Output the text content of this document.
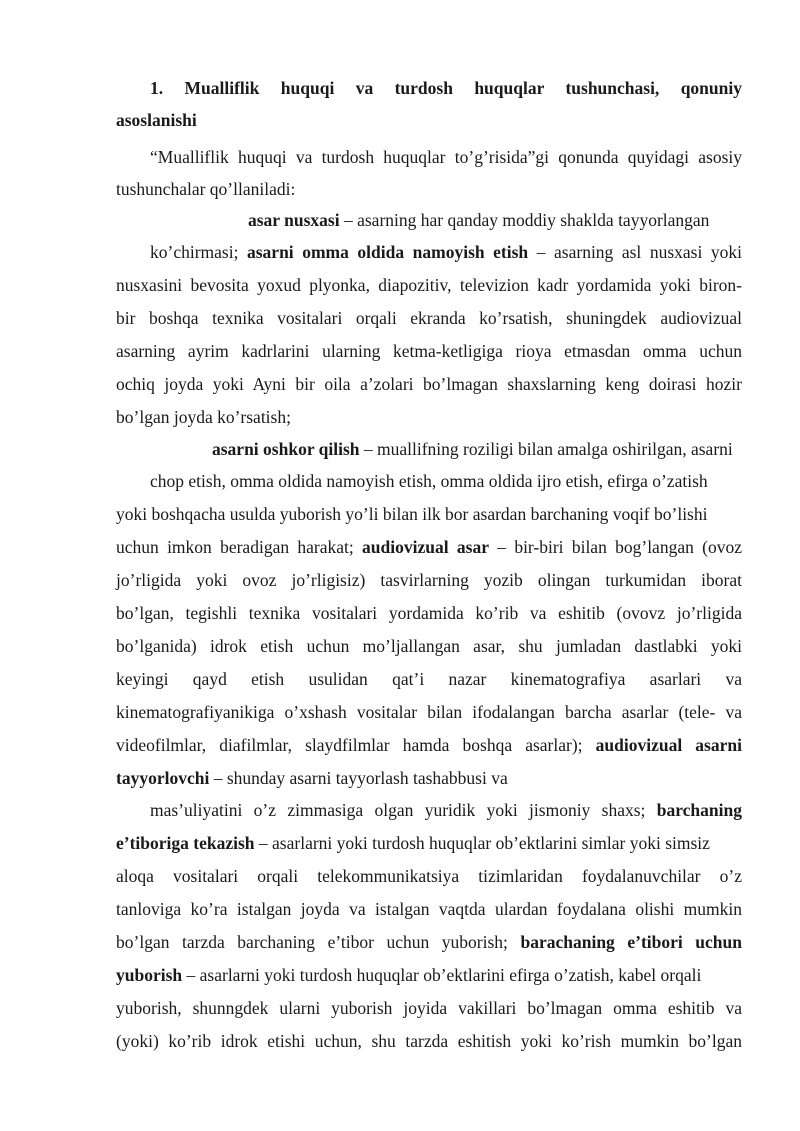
1. Mualliflik huquqi va turdosh huquqlar tushunchasi, qonuniy
asoslanishi
“Mualliflik huquqi va turdosh huquqlar to’g’risida”gi qonunda quyidagi asosiy
tushunchalar qo’llaniladi:
asar nusxasi – asarning har qanday moddiy shaklda tayyorlangan
ko’chirmasi; asarni omma oldida namoyish etish – asarning asl nusxasi yoki
nusxasini bevosita yoxud plyonka, diapozitiv, televizion kadr yordamida yoki biron-
bir boshqa texnika vositalari orqali ekranda ko’rsatish, shuningdek audiovizual
asarning ayrim kadrlarini ularning ketma-ketligiga rioya etmasdan omma uchun
ochiq joyda yoki Ayni bir oila a’zolari bo’lmagan shaxslarning keng doirasi hozir
bo’lgan joyda ko’rsatish;
asarni oshkor qilish – muallifning roziligi bilan amalga oshirilgan, asarni
chop etish, omma oldida namoyish etish, omma oldida ijro etish, efirga o’zatish
yoki boshqacha usulda yuborish yo’li bilan ilk bor asardan barchaning voqif bo’lishi
uchun imkon beradigan harakat; audiovizual asar – bir-biri bilan bog’langan (ovoz
jo’rligida yoki ovoz jo’rligisiz) tasvirlarning yozib olingan turkumidan iborat
bo’lgan, tegishli texnika vositalari yordamida ko’rib va eshitib (ovovz jo’rligida
bo’lganida) idrok etish uchun mo’ljallangan asar, shu jumladan dastlabki yoki
keyingi qayd etish usulidan qat’i nazar kinematografiya asarlari va
kinematografiyanikiga o’xshash vositalar bilan ifodalangan barcha asarlar (tele- va
videofilmlar, diafilmlar, slaydfilmlar hamda boshqa asarlar); audiovizual asarni
tayyorlovchi – shunday asarni tayyorlash tashabbusi va
mas’uliyatini o’z zimmasiga olgan yuridik yoki jismoniy shaxs; barchaning
e’tiboriga tekazish – asarlarni yoki turdosh huquqlar ob’ektlarini simlar yoki simsiz
aloqa vositalari orqali telekommunikatsiya tizimlaridan foydalanuvchilar o’z
tanloviga ko’ra istalgan joyda va istalgan vaqtda ulardan foydalana olishi mumkin
bo’lgan tarzda barchaning e’tibor uchun yuborish; barachaning e’tibori uchun
yuborish – asarlarni yoki turdosh huquqlar ob’ektlarini efirga o’zatish, kabel orqali
yuborish, shunngdek ularni yuborish joyida vakillari bo’lmagan omma eshitib va
(yoki) ko’rib idrok etishi uchun, shu tarzda eshitish yoki ko’rish mumkin bo’lgan
